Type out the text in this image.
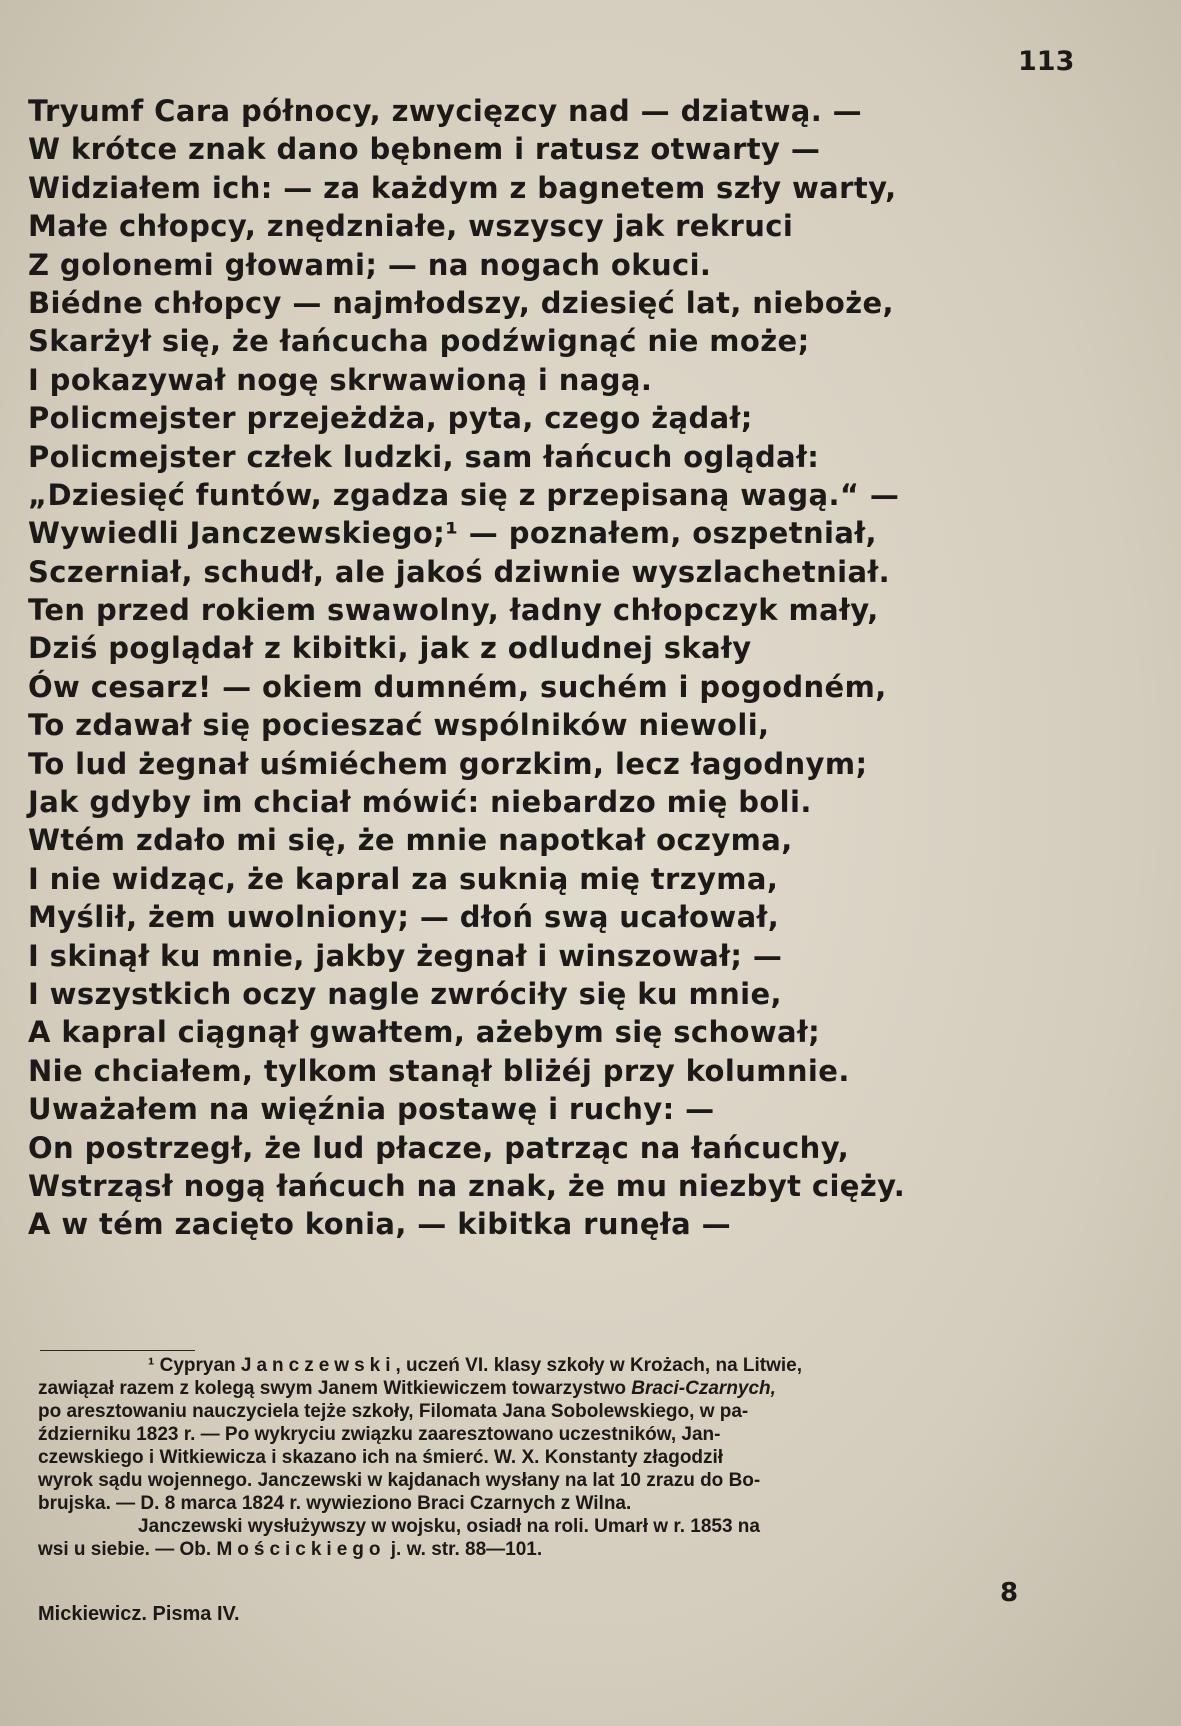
113
Tryumf Cara północy, zwycięzcy nad — dziatwą. —
W krótce znak dano bębnem i ratusz otwarty —
Widziałem ich: — za każdym z bagnetem szły warty,
Małe chłopcy, znędzniałe, wszyscy jak rekruci
Z golonemi głowami; — na nogach okuci.
Biédne chłopcy — najmłodszy, dziesięć lat, nieboże,
Skarżył się, że łańcucha podźwignąć nie może;
I pokazywał nogę skrwawioną i nagą.
Policmejster przejeżdża, pyta, czego żądał;
Policmejster człek ludzki, sam łańcuch oglądał:
„Dziesięć funtów, zgadza się z przepisaną wagą.“ —
Wywiedli Janczewskiego;¹ — poznałem, oszpetniał,
Sczerniał, schudł, ale jakoś dziwnie wyszlachetniał.
Ten przed rokiem swawolny, ładny chłopczyk mały,
Dziś poglądał z kibitki, jak z odludnej skały
Ów cesarz! — okiem dumném, suchém i pogodném,
To zdawał się pocieszać wspólników niewoli,
To lud żegnał uśmiéchem gorzkim, lecz łagodnym;
Jak gdyby im chciał mówić: niebardzo mię boli.
Wtém zdało mi się, że mnie napotkał oczyma,
I nie widząc, że kapral za suknią mię trzyma,
Myślił, żem uwolniony; — dłoń swą ucałował,
I skinął ku mnie, jakby żegnał i winszował; —
I wszystkich oczy nagle zwróciły się ku mnie,
A kapral ciągnął gwałtem, ażebym się schował;
Nie chciałem, tylkom stanął bliżéj przy kolumnie.
Uważałem na więźnia postawę i ruchy: —
On postrzegł, że lud płacze, patrząc na łańcuchy,
Wstrząsł nogą łańcuch na znak, że mu niezbyt cięży.
A w tém zacięto konia, — kibitka runęła —
¹ Cypryan Janczewski, uczeń VI. klasy szkoły w Krożach, na Litwie,
zawiązał razem z kolegą swym Janem Witkiewiczem towarzystwo Braci-Czarnych,
po aresztowaniu nauczyciela tejże szkoły, Filomata Jana Sobolewskiego, w pa-
ździerniku 1823 r. — Po wykryciu związku zaaresztowano uczestników, Jan-
czewskiego i Witkiewicza i skazano ich na śmierć. W. X. Konstanty złagodził
wyrok sądu wojennego. Janczewski w kajdanach wysłany na lat 10 zrazu do Bo-
brujska. — D. 8 marca 1824 r. wywieziono Braci Czarnych z Wilna.
Janczewski wysłużywszy w wojsku, osiadł na roli. Umarł w r. 1853 na
wsi u siebie. — Ob. Mościckiego j. w. str. 88—101.
8
Mickiewicz. Pisma IV.
